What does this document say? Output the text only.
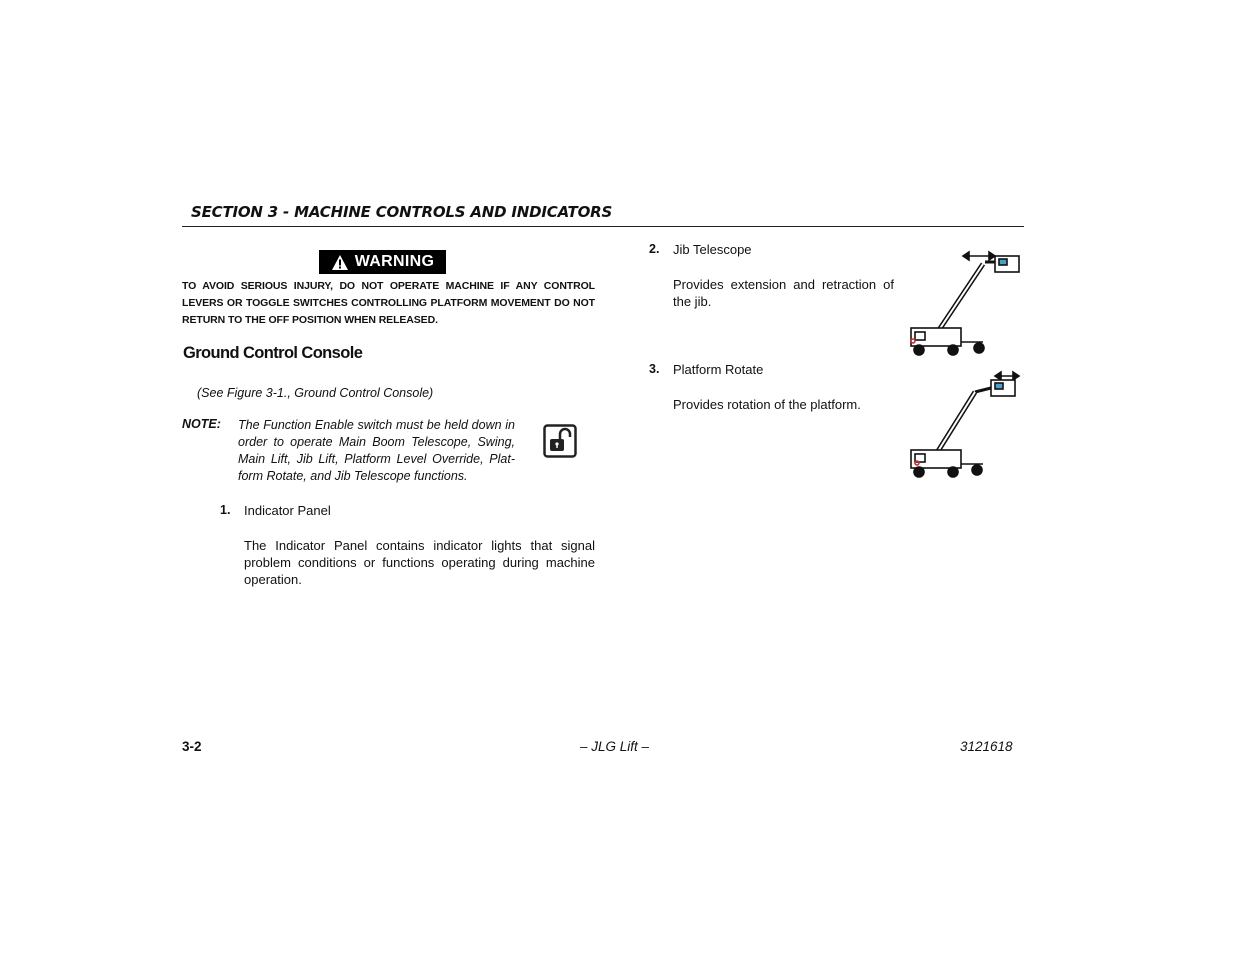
SECTION 3 - MACHINE CONTROLS AND INDICATORS
WARNING
TO AVOID SERIOUS INJURY, DO NOT OPERATE MACHINE IF ANY CONTROL LEVERS OR TOGGLE SWITCHES CONTROLLING PLATFORM MOVEMENT DO NOT RETURN TO THE OFF POSITION WHEN RELEASED.
Ground Control Console
(See Figure 3-1., Ground Control Console)
NOTE: The Function Enable switch must be held down in order to operate Main Boom Telescope, Swing, Main Lift, Jib Lift, Platform Level Override, Plat-form Rotate, and Jib Telescope functions.
1. Indicator Panel
The Indicator Panel contains indicator lights that signal problem conditions or functions operating during machine operation.
2. Jib Telescope
Provides extension and retraction of the jib.
3. Platform Rotate
Provides rotation of the platform.
3-2	– JLG Lift –	3121618
